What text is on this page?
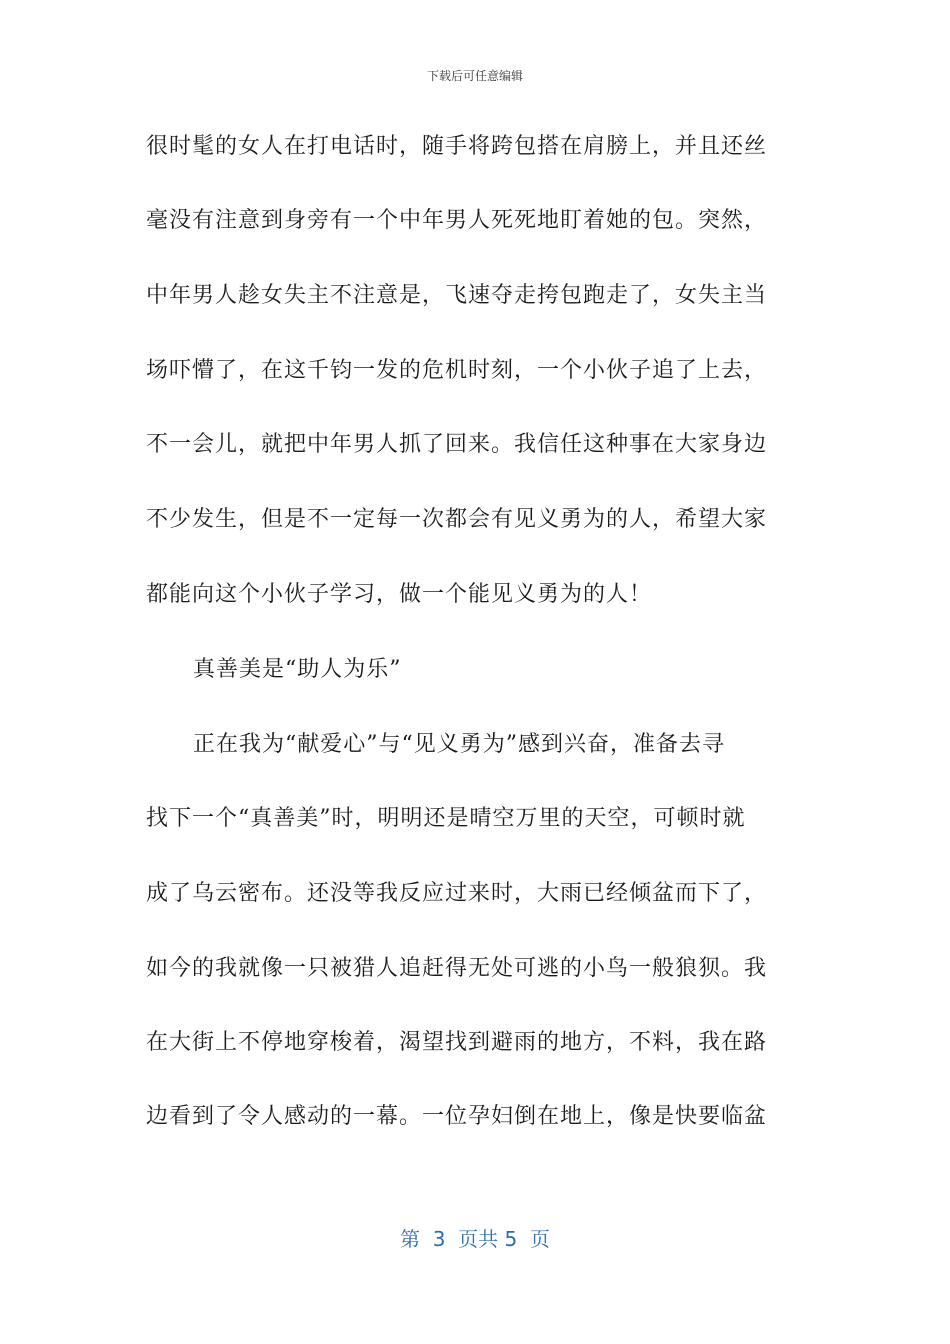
下载后可任意编辑
很时髦的女人在打电话时，随手将跨包搭在肩膀上，并且还丝
毫没有注意到身旁有一个中年男人死死地盯着她的包。突然，
中年男人趁女失主不注意是，飞速夺走挎包跑走了，女失主当
场吓懵了，在这千钧一发的危机时刻，一个小伙子追了上去，
不一会儿，就把中年男人抓了回来。我信任这种事在大家身边
不少发生，但是不一定每一次都会有见义勇为的人，希望大家
都能向这个小伙子学习，做一个能见义勇为的人！
真善美是“助人为乐”
正在我为“献爱心”与“见义勇为”感到兴奋，准备去寻
找下一个“真善美”时，明明还是晴空万里的天空，可顿时就
成了乌云密布。还没等我反应过来时，大雨已经倾盆而下了，
如今的我就像一只被猎人追赶得无处可逃的小鸟一般狼狈。我
在大街上不停地穿梭着，渴望找到避雨的地方，不料，我在路
边看到了令人感动的一幕。一位孕妇倒在地上，像是快要临盆
第  3  页共 5  页
